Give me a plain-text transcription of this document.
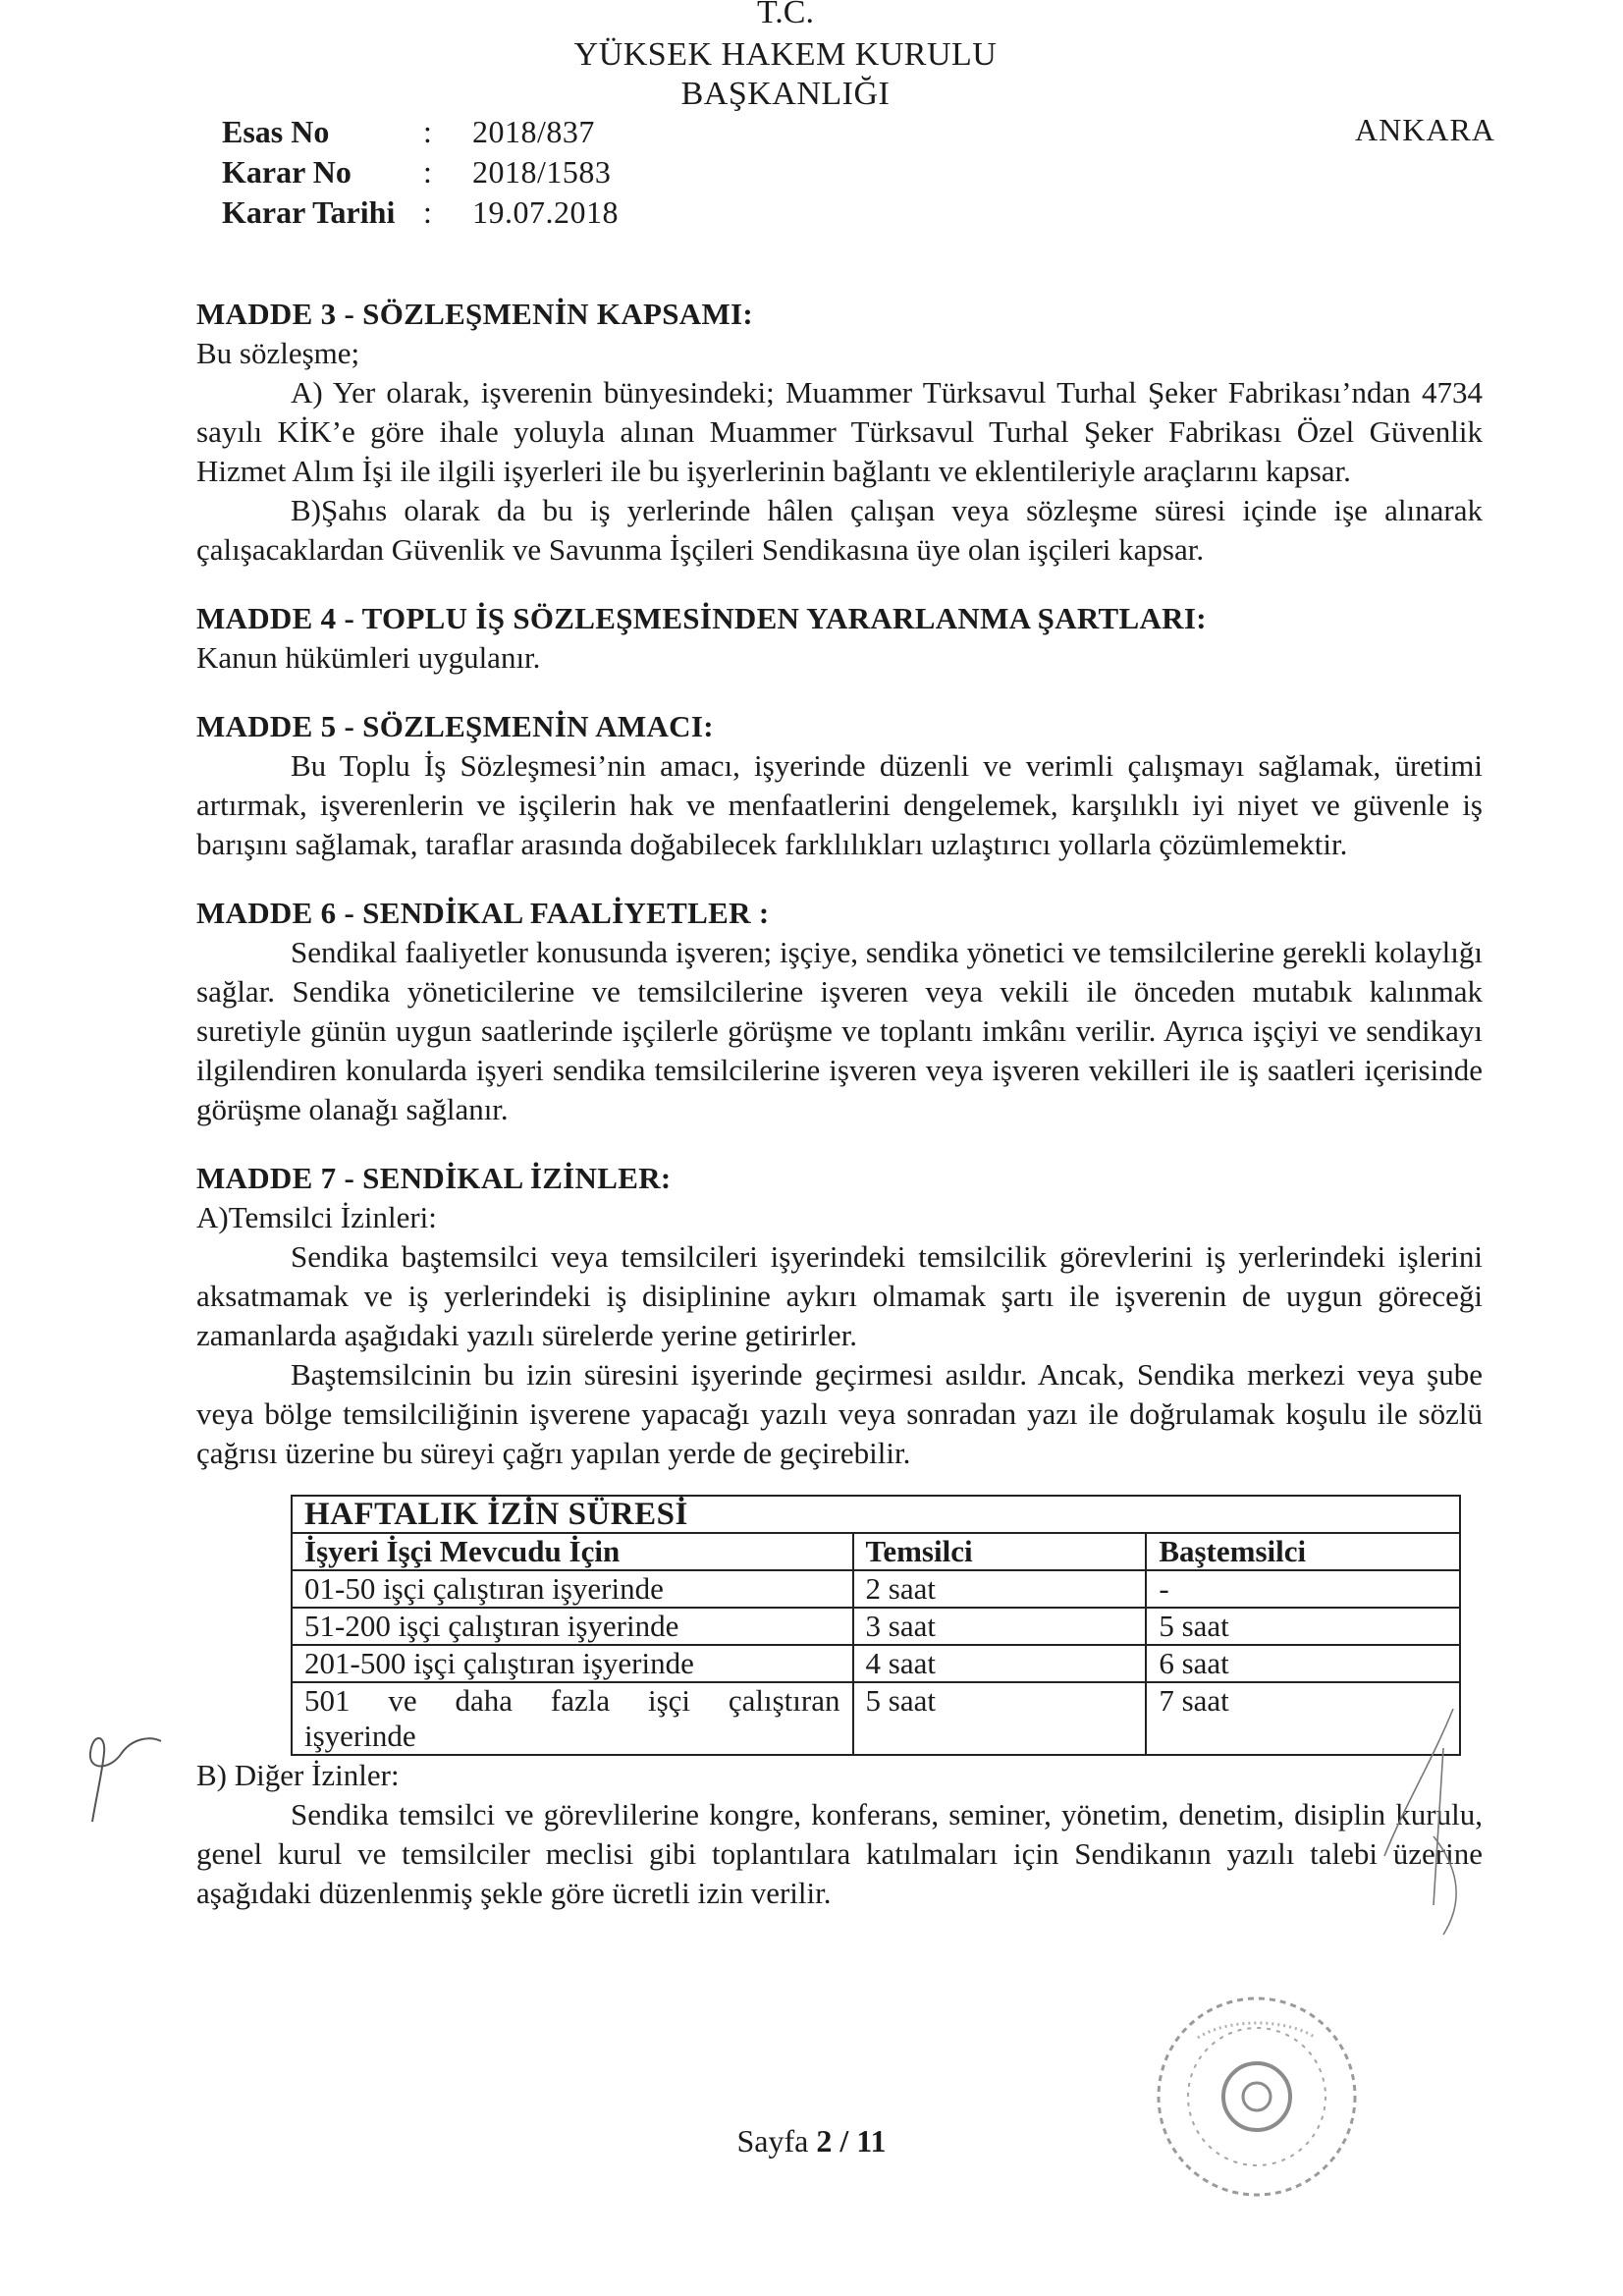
T.C.
YÜKSEK HAKEM KURULU
BAŞKANLIĞI
ANKARA
Esas No	:	2018/837
Karar No	:	2018/1583
Karar Tarihi :	19.07.2018

MADDE 3 - SÖZLEŞMENİN KAPSAMI:

Bu sözleşme;

A) Yer olarak, işverenin bünyesindeki; Muammer Türksavul Turhal Şeker Fabrikası’ndan 4734 sayılı KİK’e göre ihale yoluyla alınan Muammer Türksavul Turhal Şeker Fabrikası Özel Güvenlik Hizmet Alım İşi ile ilgili işyerleri ile bu işyerlerinin bağlantı ve eklentileriyle araçlarını kapsar.

B)Şahıs olarak da bu iş yerlerinde hâlen çalışan veya sözleşme süresi içinde işe alınarak çalışacaklardan Güvenlik ve Savunma İşçileri Sendikasına üye olan işçileri kapsar.

MADDE 4 - TOPLU İŞ SÖZLEŞMESİNDEN YARARLANMA ŞARTLARI:

Kanun hükümleri uygulanır.

MADDE 5 - SÖZLEŞMENİN AMACI:

Bu Toplu İş Sözleşmesi’nin amacı, işyerinde düzenli ve verimli çalışmayı sağlamak, üretimi artırmak, işverenlerin ve işçilerin hak ve menfaatlerini dengelemek, karşılıklı iyi niyet ve güvenle iş barışını sağlamak, taraflar arasında doğabilecek farklılıkları uzlaştırıcı yollarla çözümlemektir.

MADDE 6 - SENDİKAL FAALİYETLER :

Sendikal faaliyetler konusunda işveren; işçiye, sendika yönetici ve temsilcilerine gerekli kolaylığı sağlar. Sendika yöneticilerine ve temsilcilerine işveren veya vekili ile önceden mutabık kalınmak suretiyle günün uygun saatlerinde işçilerle görüşme ve toplantı imkânı verilir. Ayrıca işçiyi ve sendikayı ilgilendiren konularda işyeri sendika temsilcilerine işveren veya işveren vekilleri ile iş saatleri içerisinde görüşme olanağı sağlanır.

MADDE 7 - SENDİKAL İZİNLER:

A)Temsilci İzinleri:

Sendika baştemsilci veya temsilcileri işyerindeki temsilcilik görevlerini iş yerlerindeki işlerini aksatmamak ve iş yerlerindeki iş disiplinine aykırı olmamak şartı ile işverenin de uygun göreceği zamanlarda aşağıdaki yazılı sürelerde yerine getirirler.

Baştemsilcinin bu izin süresini işyerinde geçirmesi asıldır. Ancak, Sendika merkezi veya şube veya bölge temsilciliğinin işverene yapacağı yazılı veya sonradan yazı ile doğrulamak koşulu ile sözlü çağrısı üzerine bu süreyi çağrı yapılan yerde de geçirebilir.

HAFTALIK İZİN SÜRESİ		
İşyeri İşçi Mevcudu İçin	Temsilci	Baştemsilci
01-50 işçi çalıştıran işyerinde	2 saat	-
51-200 işçi çalıştıran işyerinde	3 saat	5 saat
201-500 işçi çalıştıran işyerinde	4 saat	6 saat

501 ve daha fazla işçi çalıştıran
işyerinde	5 saat	7 saat

B) Diğer İzinler:

Sendika temsilci ve görevlilerine kongre, konferans, seminer, yönetim, denetim, disiplin kurulu, genel kurul ve temsilciler meclisi gibi toplantılara katılmaları için Sendikanın yazılı talebi üzerine aşağıdaki düzenlenmiş şekle göre ücretli izin verilir.

Sayfa 2 / 11
